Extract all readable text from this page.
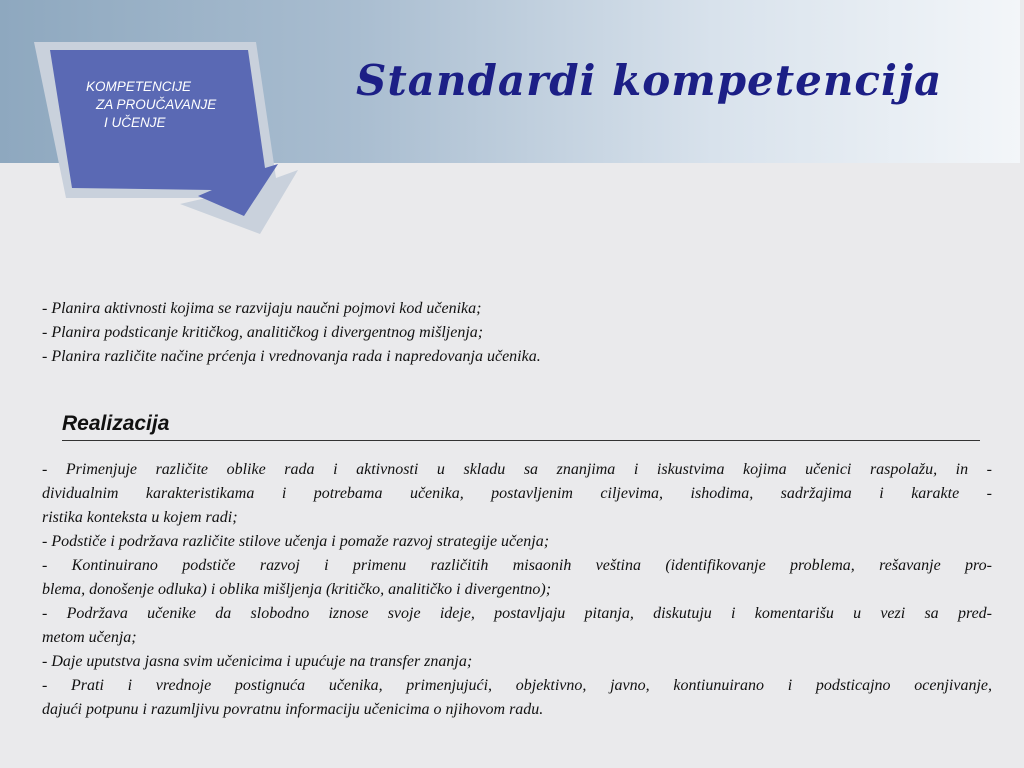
KOMPETENCIJE
ZA PROUČAVANJE
I UČENJE
Standardi kompetencija
- Planira aktivnosti kojima se razvijaju naučni pojmovi kod učenika;
- Planira podsticanje kritičkog, analitičkog i divergentnog mišljenja;
- Planira različite načine prćenja i vrednovanja rada i napredovanja učenika.
Realizacija
- Primenjuje različite oblike rada i aktivnosti u skladu sa znanjima i iskustvima kojima učenici raspolažu, in -
dividualnim karakteristikama i potrebama učenika, postavljenim ciljevima, ishodima, sadržajima i karakte -
ristika konteksta u kojem radi;
- Podstiče i podržava različite stilove učenja i pomaže razvoj strategije učenja;
- Kontinuirano podstiče razvoj i primenu različitih misaonih veština (identifikovanje problema, rešavanje pro-
blema, donošenje odluka) i oblika mišljenja (kritičko, analitičko i divergentno);
- Podržava učenike da slobodno iznose svoje ideje, postavljaju pitanja, diskutuju i komentarišu u vezi sa pred-
metom učenja;
- Daje uputstva jasna svim učenicima i upućuje na transfer znanja;
- Prati i vrednoje postignuća učenika, primenjujući, objektivno, javno, kontiunuirano i podsticajno ocenjivanje,
dajući potpunu i razumljivu povratnu informaciju učenicima o njihovom radu.
